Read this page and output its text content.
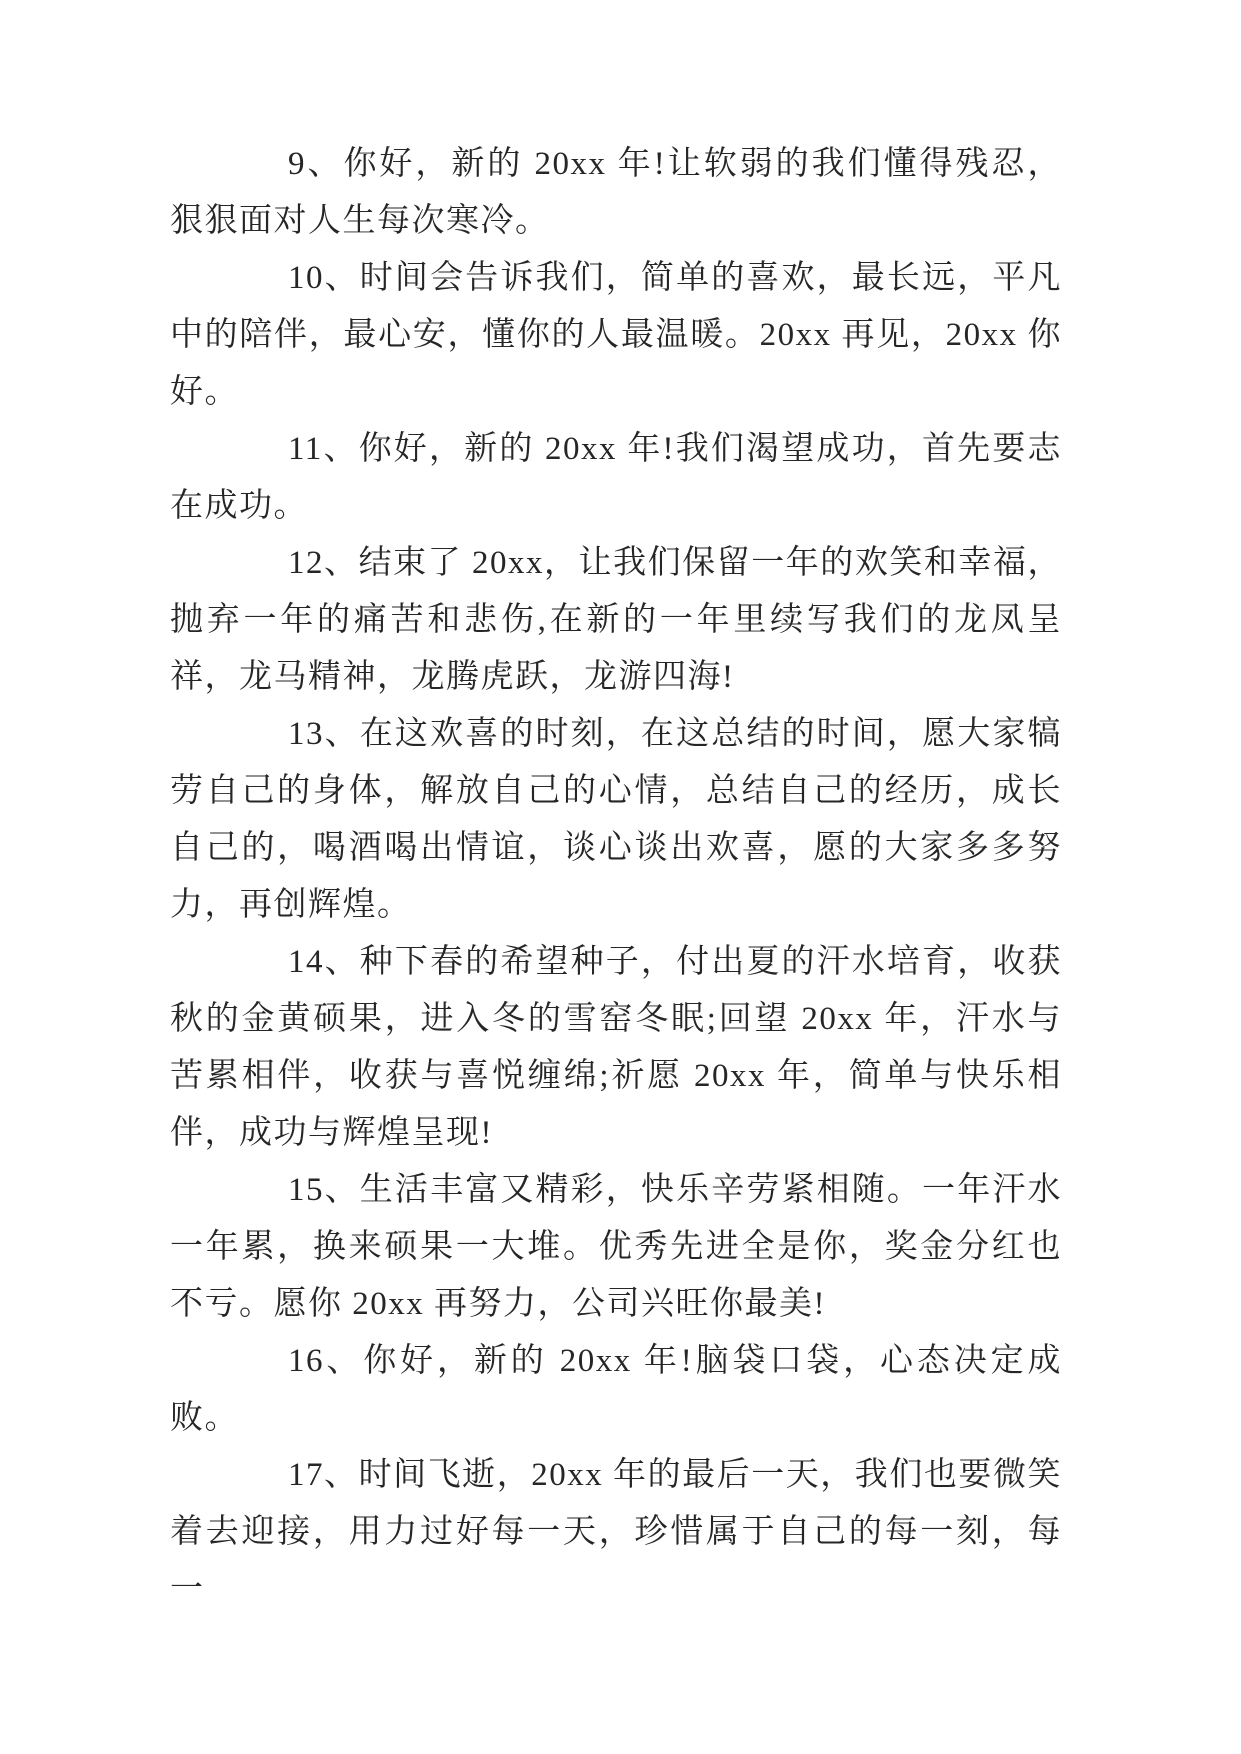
9、你好，新的 20xx 年!让软弱的我们懂得残忍，狠狠面对人生每次寒冷。

10、时间会告诉我们，简单的喜欢，最长远，平凡中的陪伴，最心安，懂你的人最温暖。20xx 再见，20xx 你好。

11、你好，新的 20xx 年!我们渴望成功，首先要志在成功。

12、结束了 20xx，让我们保留一年的欢笑和幸福，抛弃一年的痛苦和悲伤,在新的一年里续写我们的龙凤呈祥，龙马精神，龙腾虎跃，龙游四海!

13、在这欢喜的时刻，在这总结的时间，愿大家犒劳自己的身体，解放自己的心情，总结自己的经历，成长自己的，喝酒喝出情谊，谈心谈出欢喜，愿的大家多多努力，再创辉煌。

14、种下春的希望种子，付出夏的汗水培育，收获秋的金黄硕果，进入冬的雪窑冬眠;回望 20xx 年，汗水与苦累相伴，收获与喜悦缠绵;祈愿 20xx 年，简单与快乐相伴，成功与辉煌呈现!

15、生活丰富又精彩，快乐辛劳紧相随。一年汗水一年累，换来硕果一大堆。优秀先进全是你，奖金分红也不亏。愿你 20xx 再努力，公司兴旺你最美!

16、你好，新的 20xx 年!脑袋口袋，心态决定成败。

17、时间飞逝，20xx 年的最后一天，我们也要微笑着去迎接，用力过好每一天，珍惜属于自己的每一刻，每一
